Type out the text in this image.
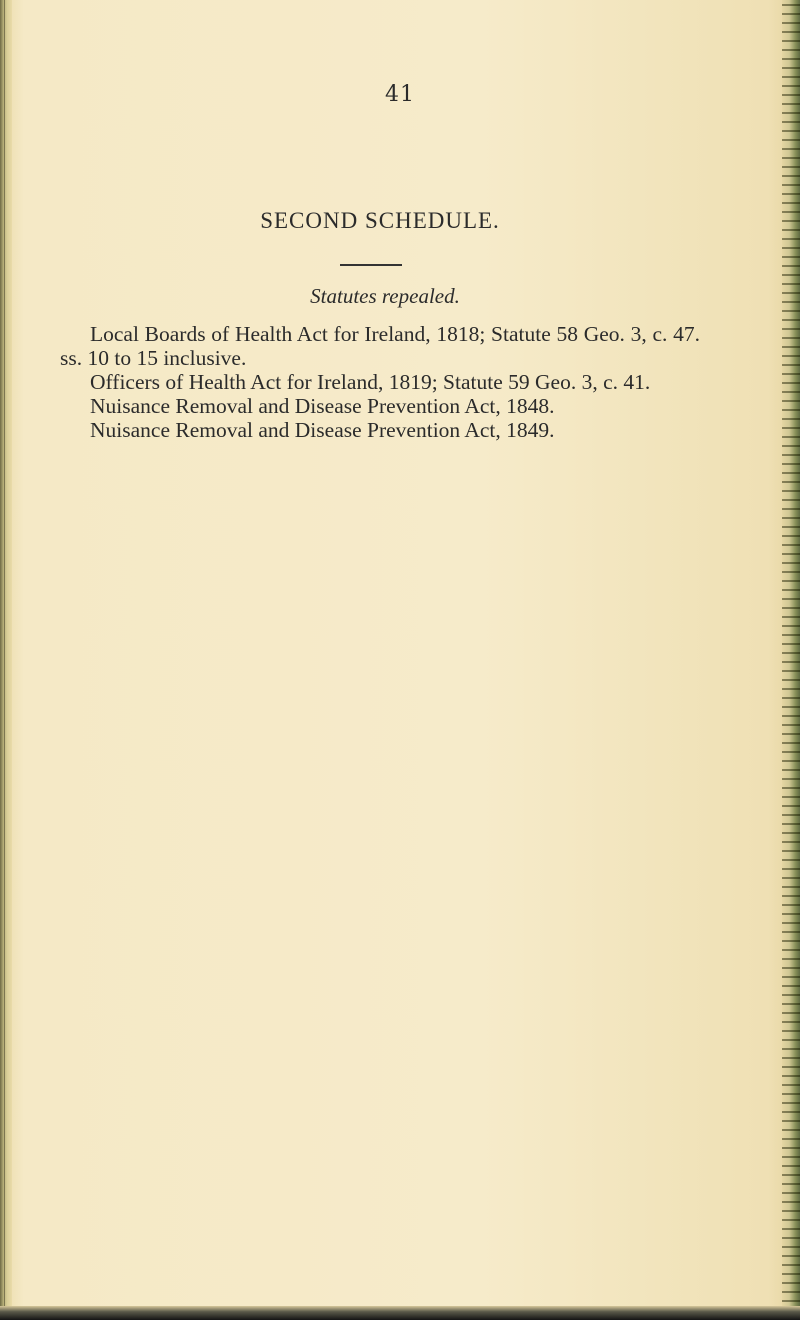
41
SECOND SCHEDULE.
Statutes repealed.
Local Boards of Health Act for Ireland, 1818; Statute 58 Geo. 3, c. 47. ss. 10 to 15 inclusive.
Officers of Health Act for Ireland, 1819; Statute 59 Geo. 3, c. 41.
Nuisance Removal and Disease Prevention Act, 1848.
Nuisance Removal and Disease Prevention Act, 1849.
